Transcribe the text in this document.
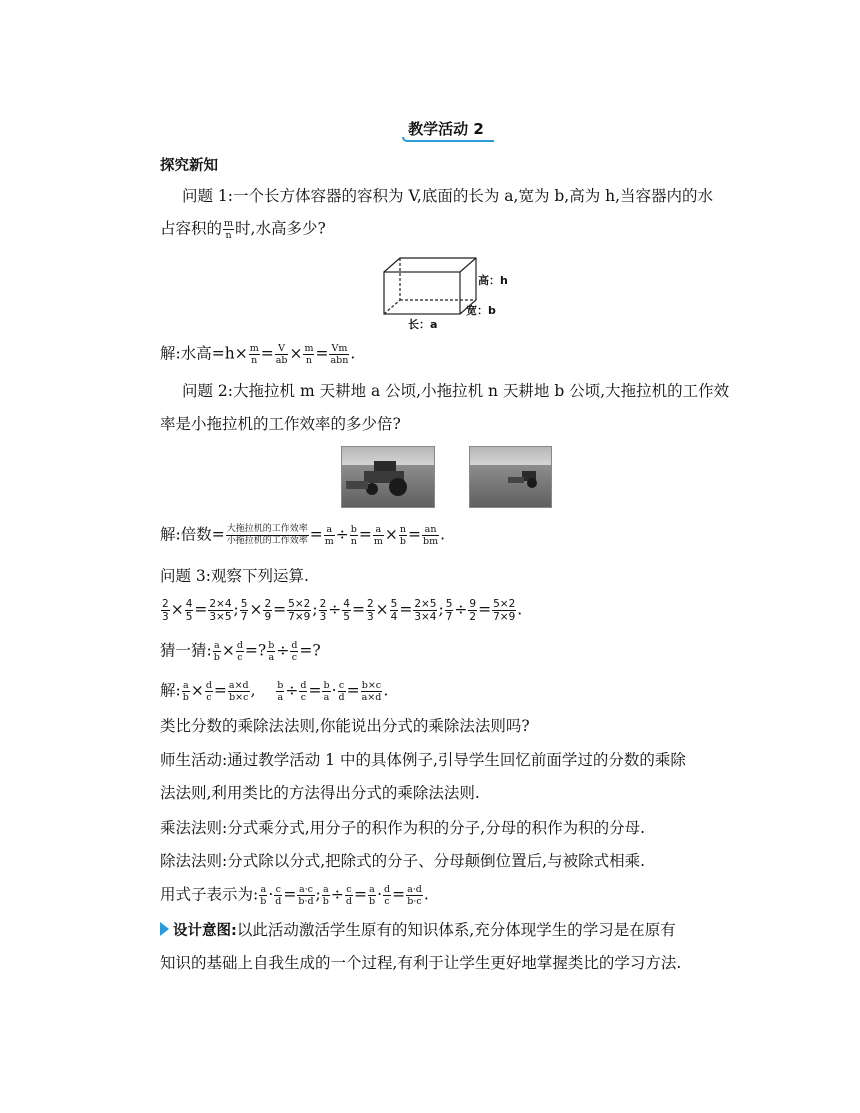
教学活动 2
探究新知
问题 1:一个长方体容器的容积为 V,底面的长为 a,宽为 b,高为 h,当容器内的水
占容积的 $\frac{m}{n}$ 时,水高多少?
高：h
宽：b
长：a
解:水高$=h\times \frac{m}{n} = \frac{V}{ab} \times \frac{m}{n} = \frac{Vm}{\text{abn}}$ .
问题 2:大拖拉机 m 天耕地 a 公顷,小拖拉机 n 天耕地 b 公顷,大拖拉机的工作效
率是小拖拉机的工作效率的多少倍?
解:倍数= $\frac{\text{大拖拉机的工作效率}}{\text{小拖拉机的工作效率}} = \frac{a}{m} \div \frac{b}{n} = \frac{a}{m} \times \frac{n}{b} = \frac{an}{bm}$ .
问题 3:观察下列运算.
$\frac{2}{3} \times \frac{4}{5} = \frac{2\times 4}{3\times 5}$ ; $\frac{5}{7} \times \frac{2}{9} = \frac{5\times 2}{7\times 9}$ ; $\frac{2}{3} \div \frac{4}{5} = \frac{2}{3} \times \frac{5}{4} = \frac{2\times 5}{3\times 4}$ ; $\frac{5}{7} \div \frac{9}{2} = \frac{5\times 2}{7\times 9}$ .
猜一猜: $\frac{a}{b} \times \frac{d}{c}$ =? $\frac{b}{a} \div \frac{d}{c}$ =?
解: $\frac{a}{b} \times \frac{d}{c} = \frac{a\times d}{b\times c}$ , $\frac{b}{a} \div \frac{d}{c} = \frac{b}{a} \cdot \frac{c}{d} = \frac{b\times c}{a\times d}$ .
类比分数的乘除法法则,你能说出分式的乘除法法则吗?
师生活动:通过教学活动 1 中的具体例子,引导学生回忆前面学过的分数的乘除
法法则,利用类比的方法得出分式的乘除法法则.
乘法法则:分式乘分式,用分子的积作为积的分子,分母的积作为积的分母.
除法法则:分式除以分式,把除式的分子、分母颠倒位置后,与被除式相乘.
用式子表示为: $\frac{a}{b} \cdot \frac{c}{d} = \frac{a\cdot c}{b\cdot d}$ ; $\frac{a}{b} \div \frac{c}{d} = \frac{a}{b} \cdot \frac{d}{c} = \frac{a\cdot d}{b\cdot c}$ .
设计意图:以此活动激活学生原有的知识体系,充分体现学生的学习是在原有
知识的基础上自我生成的一个过程,有利于让学生更好地掌握类比的学习方法.
